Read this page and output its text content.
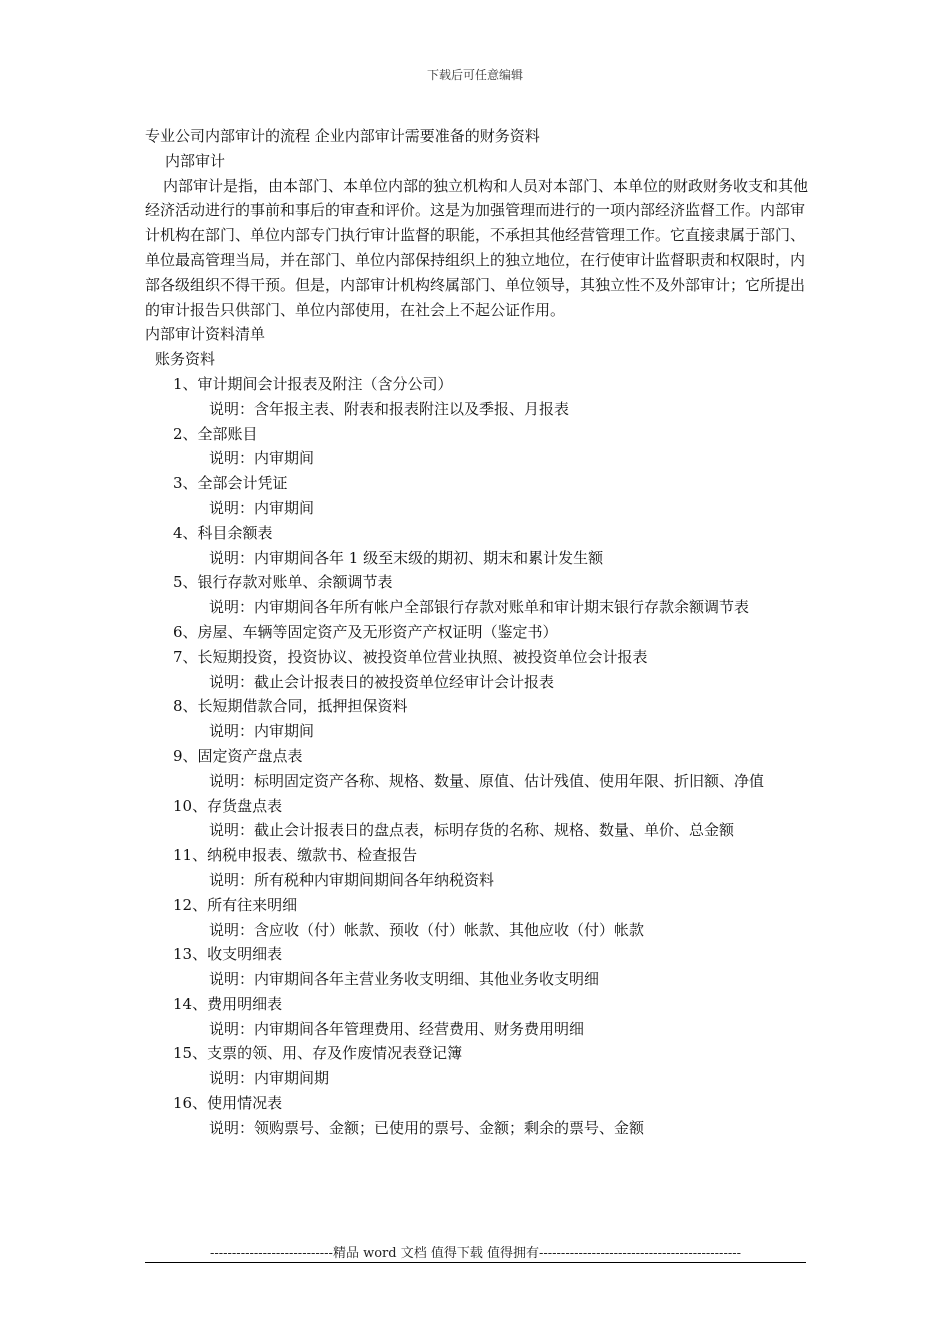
下载后可任意编辑
专业公司内部审计的流程 企业内部审计需要准备的财务资料
内部审计
内部审计是指，由本部门、本单位内部的独立机构和人员对本部门、本单位的财政财务收支和其他经济活动进行的事前和事后的审查和评价。这是为加强管理而进行的一项内部经济监督工作。内部审计机构在部门、单位内部专门执行审计监督的职能，不承担其他经营管理工作。它直接隶属于部门、单位最高管理当局，并在部门、单位内部保持组织上的独立地位，在行使审计监督职责和权限时，内部各级组织不得干预。但是，内部审计机构终属部门、单位领导，其独立性不及外部审计；它所提出的审计报告只供部门、单位内部使用，在社会上不起公证作用。
内部审计资料清单
账务资料
1、审计期间会计报表及附注（含分公司）
说明：含年报主表、附表和报表附注以及季报、月报表
2、全部账目
说明：内审期间
3、全部会计凭证
说明：内审期间
4、科目余额表
说明：内审期间各年 1 级至末级的期初、期末和累计发生额
5、银行存款对账单、余额调节表
说明：内审期间各年所有帐户全部银行存款对账单和审计期末银行存款余额调节表
6、房屋、车辆等固定资产及无形资产产权证明（鉴定书）
7、长短期投资，投资协议、被投资单位营业执照、被投资单位会计报表
说明：截止会计报表日的被投资单位经审计会计报表
8、长短期借款合同，抵押担保资料
说明：内审期间
9、固定资产盘点表
说明：标明固定资产各称、规格、数量、原值、估计残值、使用年限、折旧额、净值
10、存货盘点表
说明：截止会计报表日的盘点表，标明存货的名称、规格、数量、单价、总金额
11、纳税申报表、缴款书、检查报告
说明：所有税种内审期间期间各年纳税资料
12、所有往来明细
说明：含应收（付）帐款、预收（付）帐款、其他应收（付）帐款
13、收支明细表
说明：内审期间各年主营业务收支明细、其他业务收支明细
14、费用明细表
说明：内审期间各年管理费用、经营费用、财务费用明细
15、支票的领、用、存及作废情况表登记簿
说明：内审期间期
16、使用情况表
说明：领购票号、金额；已使用的票号、金额；剩余的票号、金额
----------------------------精品 word 文档 值得下载 值得拥有----------------------------------------------
